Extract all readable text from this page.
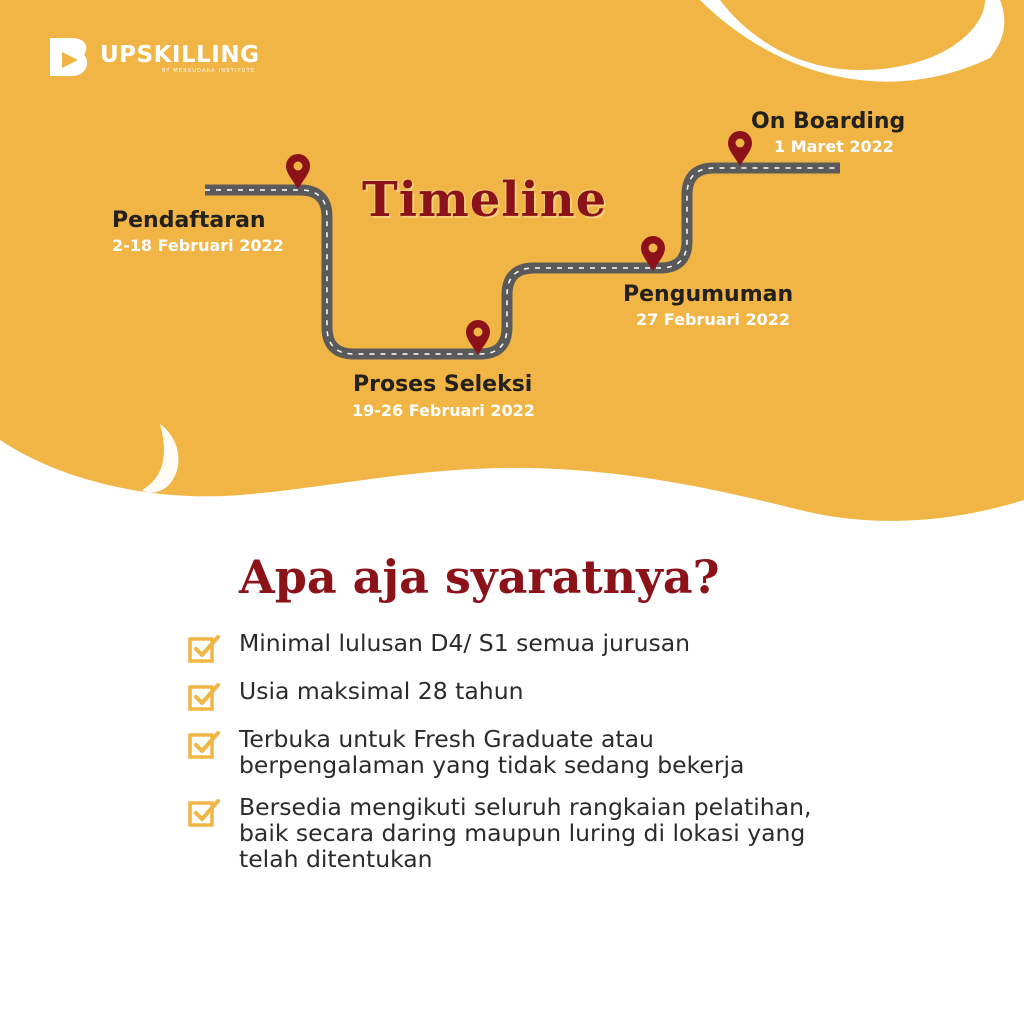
UPSKILLING
BY MERKUDARA INSTITUTE
Timeline
Pendaftaran
2-18 Februari 2022
Proses Seleksi
19-26 Februari 2022
Pengumuman
27 Februari 2022
On Boarding
1 Maret 2022
Apa aja syaratnya?

Minimal lulusan D4/ S1 semua jurusan

Usia maksimal 28 tahun

Terbuka untuk Fresh Graduate atau
berpengalaman yang tidak sedang bekerja

Bersedia mengikuti seluruh rangkaian pelatihan,
baik secara daring maupun luring di lokasi yang
telah ditentukan
